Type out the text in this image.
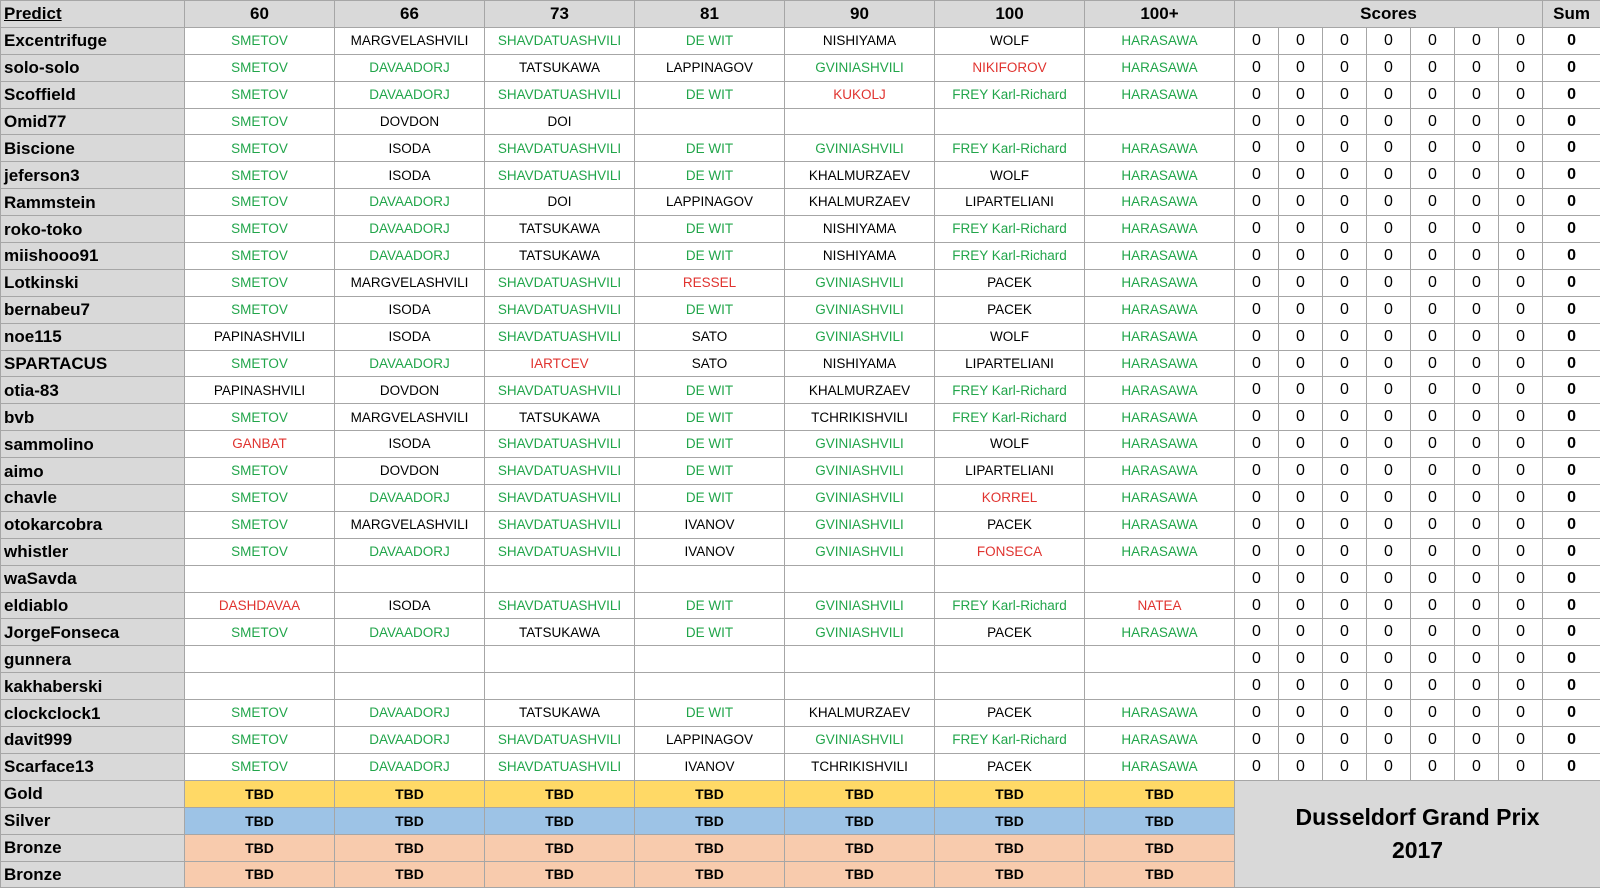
Predict	60	66	73	81	90	100	100+	Scores							Sum
Excentrifuge	SMETOV	MARGVELASHVILI	SHAVDATUASHVILI	DE WIT	NISHIYAMA	WOLF	HARASAWA	0	0	0	0	0	0	0	0
solo-solo	SMETOV	DAVAADORJ	TATSUKAWA	LAPPINAGOV	GVINIASHVILI	NIKIFOROV	HARASAWA	0	0	0	0	0	0	0	0
Scoffield	SMETOV	DAVAADORJ	SHAVDATUASHVILI	DE WIT	KUKOLJ	FREY Karl-Richard	HARASAWA	0	0	0	0	0	0	0	0
Omid77	SMETOV	DOVDON	DOI					0	0	0	0	0	0	0	0
Biscione	SMETOV	ISODA	SHAVDATUASHVILI	DE WIT	GVINIASHVILI	FREY Karl-Richard	HARASAWA	0	0	0	0	0	0	0	0
jeferson3	SMETOV	ISODA	SHAVDATUASHVILI	DE WIT	KHALMURZAEV	WOLF	HARASAWA	0	0	0	0	0	0	0	0
Rammstein	SMETOV	DAVAADORJ	DOI	LAPPINAGOV	KHALMURZAEV	LIPARTELIANI	HARASAWA	0	0	0	0	0	0	0	0
roko-toko	SMETOV	DAVAADORJ	TATSUKAWA	DE WIT	NISHIYAMA	FREY Karl-Richard	HARASAWA	0	0	0	0	0	0	0	0
miishooo91	SMETOV	DAVAADORJ	TATSUKAWA	DE WIT	NISHIYAMA	FREY Karl-Richard	HARASAWA	0	0	0	0	0	0	0	0
Lotkinski	SMETOV	MARGVELASHVILI	SHAVDATUASHVILI	RESSEL	GVINIASHVILI	PACEK	HARASAWA	0	0	0	0	0	0	0	0
bernabeu7	SMETOV	ISODA	SHAVDATUASHVILI	DE WIT	GVINIASHVILI	PACEK	HARASAWA	0	0	0	0	0	0	0	0
noe115	PAPINASHVILI	ISODA	SHAVDATUASHVILI	SATO	GVINIASHVILI	WOLF	HARASAWA	0	0	0	0	0	0	0	0
SPARTACUS	SMETOV	DAVAADORJ	IARTCEV	SATO	NISHIYAMA	LIPARTELIANI	HARASAWA	0	0	0	0	0	0	0	0
otia-83	PAPINASHVILI	DOVDON	SHAVDATUASHVILI	DE WIT	KHALMURZAEV	FREY Karl-Richard	HARASAWA	0	0	0	0	0	0	0	0
bvb	SMETOV	MARGVELASHVILI	TATSUKAWA	DE WIT	TCHRIKISHVILI	FREY Karl-Richard	HARASAWA	0	0	0	0	0	0	0	0
sammolino	GANBAT	ISODA	SHAVDATUASHVILI	DE WIT	GVINIASHVILI	WOLF	HARASAWA	0	0	0	0	0	0	0	0
aimo	SMETOV	DOVDON	SHAVDATUASHVILI	DE WIT	GVINIASHVILI	LIPARTELIANI	HARASAWA	0	0	0	0	0	0	0	0
chavle	SMETOV	DAVAADORJ	SHAVDATUASHVILI	DE WIT	GVINIASHVILI	KORREL	HARASAWA	0	0	0	0	0	0	0	0
otokarcobra	SMETOV	MARGVELASHVILI	SHAVDATUASHVILI	IVANOV	GVINIASHVILI	PACEK	HARASAWA	0	0	0	0	0	0	0	0
whistler	SMETOV	DAVAADORJ	SHAVDATUASHVILI	IVANOV	GVINIASHVILI	FONSECA	HARASAWA	0	0	0	0	0	0	0	0
waSavda								0	0	0	0	0	0	0	0
eldiablo	DASHDAVAA	ISODA	SHAVDATUASHVILI	DE WIT	GVINIASHVILI	FREY Karl-Richard	NATEA	0	0	0	0	0	0	0	0
JorgeFonseca	SMETOV	DAVAADORJ	TATSUKAWA	DE WIT	GVINIASHVILI	PACEK	HARASAWA	0	0	0	0	0	0	0	0
gunnera								0	0	0	0	0	0	0	0
kakhaberski								0	0	0	0	0	0	0	0
clockclock1	SMETOV	DAVAADORJ	TATSUKAWA	DE WIT	KHALMURZAEV	PACEK	HARASAWA	0	0	0	0	0	0	0	0
davit999	SMETOV	DAVAADORJ	SHAVDATUASHVILI	LAPPINAGOV	GVINIASHVILI	FREY Karl-Richard	HARASAWA	0	0	0	0	0	0	0	0
Scarface13	SMETOV	DAVAADORJ	SHAVDATUASHVILI	IVANOV	TCHRIKISHVILI	PACEK	HARASAWA	0	0	0	0	0	0	0	0
Gold	TBD	TBD	TBD	TBD	TBD	TBD	TBD	Dusseldorf Grand Prix
2017							

Silver	TBD	TBD	TBD	TBD	TBD	TBD	TBD								
Bronze	TBD	TBD	TBD	TBD	TBD	TBD	TBD								
Bronze	TBD	TBD	TBD	TBD	TBD	TBD	TBD								
